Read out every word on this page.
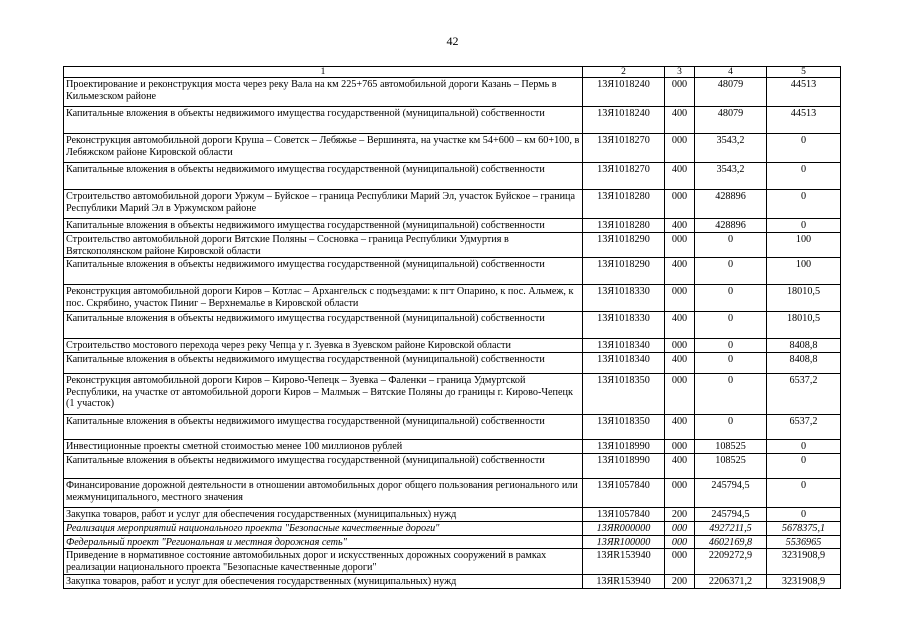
42
1	2	3	4	5
Проектирование и реконструкция моста через реку Вала на км 225+765 автомобильной дороги Казань – Пермь в Кильмезском районе	13Я1018240	000	48079	44513
Капитальные вложения в объекты недвижимого имущества государственной (муниципальной) собственности	13Я1018240	400	48079	44513
Реконструкция автомобильной дороги Круша – Советск – Лебяжье – Вершинята, на участке км 54+600 – км 60+100, в Лебяжском районе Кировской области	13Я1018270	000	3543,2	0
Капитальные вложения в объекты недвижимого имущества государственной (муниципальной) собственности	13Я1018270	400	3543,2	0
Строительство автомобильной дороги Уржум – Буйское – граница Республики Марий Эл, участок Буйское – граница Республики Марий Эл в Уржумском районе	13Я1018280	000	428896	0
Капитальные вложения в объекты недвижимого имущества государственной (муниципальной) собственности	13Я1018280	400	428896	0
Строительство автомобильной дороги Вятские Поляны – Сосновка – граница Республики Удмуртия в Вятскополянском районе Кировской области	13Я1018290	000	0	100
Капитальные вложения в объекты недвижимого имущества государственной (муниципальной) собственности	13Я1018290	400	0	100
Реконструкция автомобильной дороги Киров – Котлас – Архангельск с подъездами: к пгт Опарино, к пос. Альмеж, к пос. Скрябино, участок Пиниг – Верхнемалье в Кировской области	13Я1018330	000	0	18010,5
Капитальные вложения в объекты недвижимого имущества государственной (муниципальной) собственности	13Я1018330	400	0	18010,5
Строительство мостового перехода через реку Чепца у г. Зуевка в Зуевском районе Кировской области	13Я1018340	000	0	8408,8
Капитальные вложения в объекты недвижимого имущества государственной (муниципальной) собственности	13Я1018340	400	0	8408,8
Реконструкция автомобильной дороги Киров – Кирово-Чепецк – Зуевка – Фаленки – граница Удмуртской Республики, на участке от автомобильной дороги Киров – Малмыж – Вятские Поляны до границы г. Кирово-Чепецк (1 участок)	13Я1018350	000	0	6537,2
Капитальные вложения в объекты недвижимого имущества государственной (муниципальной) собственности	13Я1018350	400	0	6537,2
Инвестиционные проекты сметной стоимостью менее 100 миллионов рублей	13Я1018990	000	108525	0
Капитальные вложения в объекты недвижимого имущества государственной (муниципальной) собственности	13Я1018990	400	108525	0
Финансирование дорожной деятельности в отношении автомобильных дорог общего пользования регионального или межмуниципального, местного значения	13Я1057840	000	245794,5	0
Закупка товаров, работ и услуг для обеспечения государственных (муниципальных) нужд	13Я1057840	200	245794,5	0
Реализация мероприятий национального проекта "Безопасные качественные дороги"	13ЯR000000	000	4927211,5	5678375,1
Федеральный проект "Региональная и местная дорожная сеть"	13ЯR100000	000	4602169,8	5536965
Приведение в нормативное состояние автомобильных дорог и искусственных дорожных сооружений в рамках реализации национального проекта "Безопасные качественные дороги"	13ЯR153940	000	2209272,9	3231908,9
Закупка товаров, работ и услуг для обеспечения государственных (муниципальных) нужд	13ЯR153940	200	2206371,2	3231908,9
